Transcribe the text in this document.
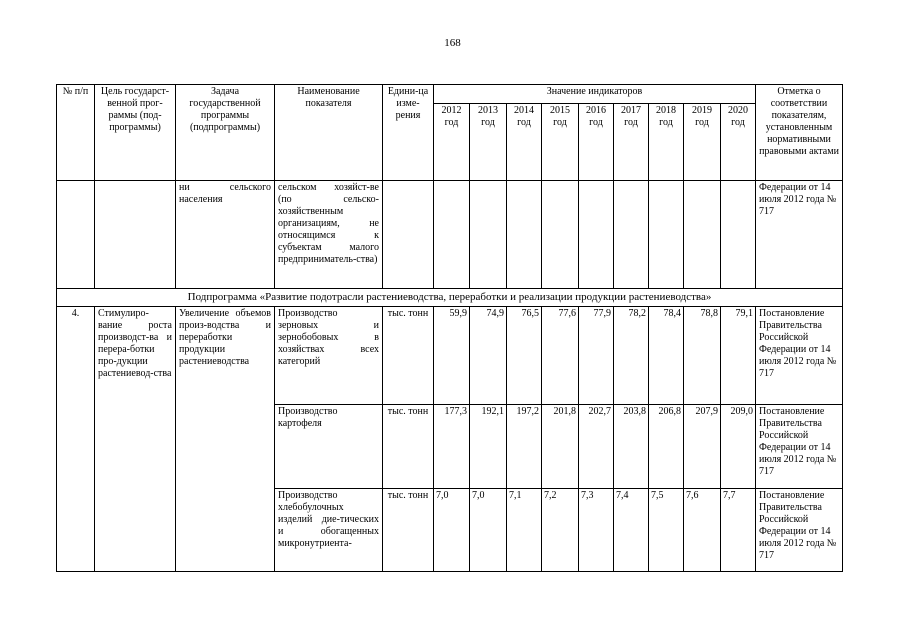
168
№ п/п	Цель государст-венной прог-раммы (под-программы)	Задача государственной программы (подпрограммы)	Наименование показателя	Едини-ца изме-рения	Значение индикаторов									Отметка о соответствии показателям, установленным нормативными правовыми актами
					2012 год	2013 год	2014 год	2015 год	2016 год	2017 год	2018 год	2019 год	2020 год	
		ни сельского населения	сельском хозяйст-ве (по сельско-хозяйственным организациям, не относящимся к субъектам малого предприниматель-ства)											Федерации от 14 июля 2012 года № 717
Подпрограмма «Развитие подотрасли растениеводства, переработки и реализации продукции растениеводства»														
4.	Стимулиро-вание роста производст-ва и перера-ботки про-дукции растениевод-ства	Увеличение объемов произ-водства и переработки продукции растениеводства	Производство зерновых и зернобобовых в хозяйствах всех категорий	тыс. тонн	59,9	74,9	76,5	77,6	77,9	78,2	78,4	78,8	79,1	Постановление Правительства Российской Федерации от 14 июля 2012 года № 717
			Производство картофеля	тыс. тонн	177,3	192,1	197,2	201,8	202,7	203,8	206,8	207,9	209,0	Постановление Правительства Российской Федерации от 14 июля 2012 года № 717
			Производство хлебобулочных изделий дие-тических и обогащенных микронутриента-	тыс. тонн	7,0	7,0	7,1	7,2	7,3	7,4	7,5	7,6	7,7	Постановление Правительства Российской Федерации от 14 июля 2012 года № 717
